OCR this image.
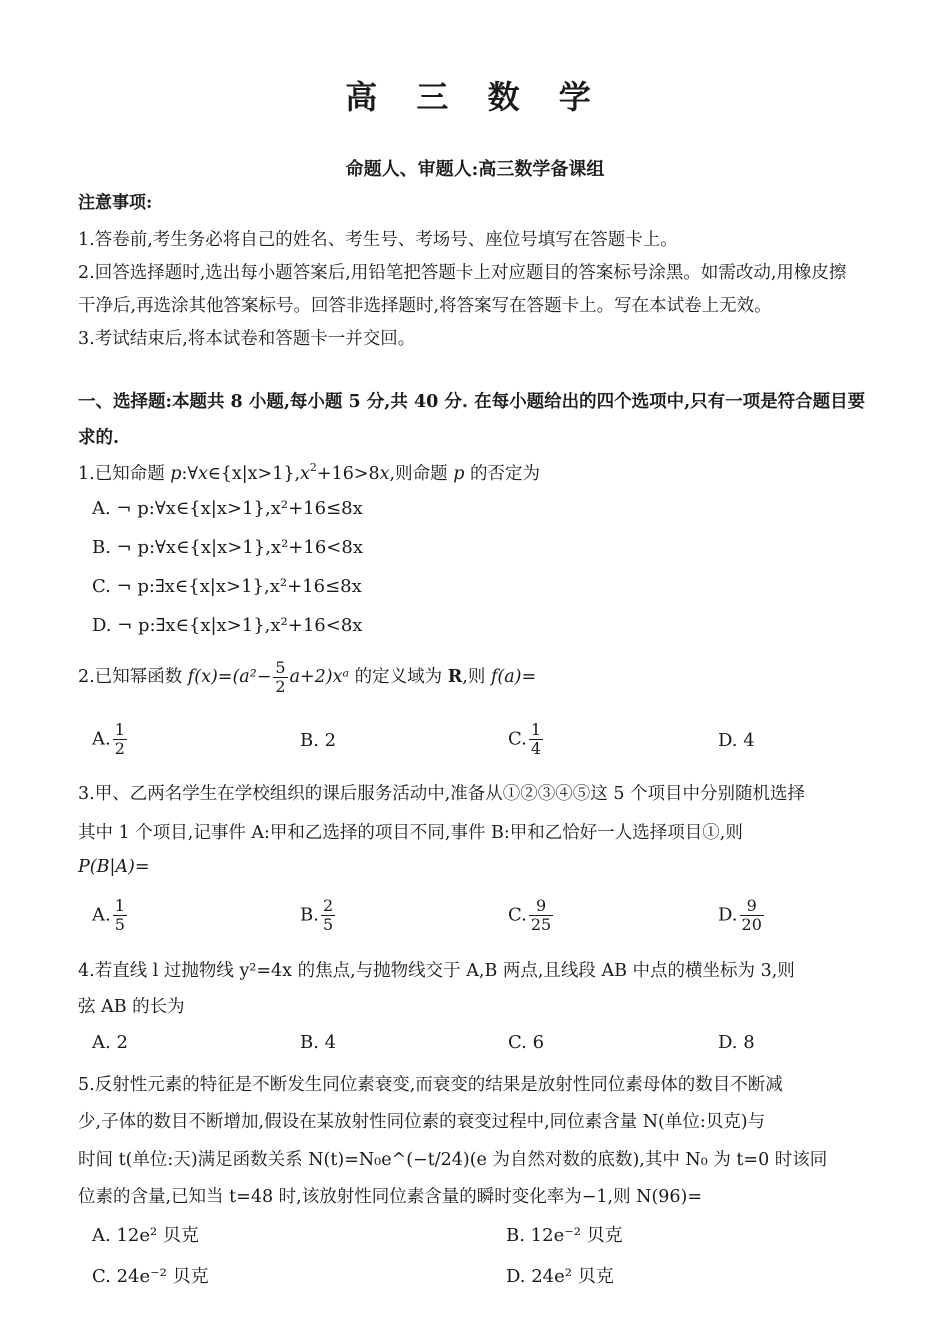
高 三 数 学
命题人、审题人:高三数学备课组
注意事项:
1.答卷前,考生务必将自己的姓名、考生号、考场号、座位号填写在答题卡上。
2.回答选择题时,选出每小题答案后,用铅笔把答题卡上对应题目的答案标号涂黑。如需改动,用橡皮擦
干净后,再选涂其他答案标号。回答非选择题时,将答案写在答题卡上。写在本试卷上无效。
3.考试结束后,将本试卷和答题卡一并交回。
一、选择题:本题共 8 小题,每小题 5 分,共 40 分. 在每小题给出的四个选项中,只有一项是符合题目要
求的.
1.已知命题 $p:\forall x\in\{x|x>1\},x^2+16>8x$,则命题 p 的否定为
A. ¬ p:∀x∈{x|x>1},x²+16≤8x
B. ¬ p:∀x∈{x|x>1},x²+16<8x
C. ¬ p:∃x∈{x|x>1},x²+16≤8x
D. ¬ p:∃x∈{x|x>1},x²+16<8x
2.已知幂函数 $f(x)=(a^2- \frac{5}{2}$ a+2)xᵃ 的定义域为 R,则 f(a)=
A. $\frac{1}{2}$	B. 2	C. $\frac{1}{4}$	D. 4
3.甲、乙两名学生在学校组织的课后服务活动中,准备从①②③④⑤这 5 个项目中分别随机选择
其中 1 个项目,记事件 A:甲和乙选择的项目不同,事件 B:甲和乙恰好一人选择项目①,则
P(B|A)=
A. $\frac{1}{5}$	B. $\frac{2}{5}$	C. $\frac{9}{25}$	D. $\frac{9}{20}$
4.若直线 l 过抛物线 y²=4x 的焦点,与抛物线交于 A,B 两点,且线段 AB 中点的横坐标为 3,则
弦 AB 的长为
A. 2	B. 4	C. 6	D. 8
5.反射性元素的特征是不断发生同位素衰变,而衰变的结果是放射性同位素母体的数目不断减
少,子体的数目不断增加,假设在某放射性同位素的衰变过程中,同位素含量 N(单位:贝克)与
时间 t(单位:天)满足函数关系 N(t)=N₀e^(−t/24)(e 为自然对数的底数),其中 N₀ 为 t=0 时该同
位素的含量,已知当 t=48 时,该放射性同位素含量的瞬时变化率为−1,则 N(96)=
A. 12e² 贝克	B. 12e⁻² 贝克
C. 24e⁻² 贝克	D. 24e² 贝克
